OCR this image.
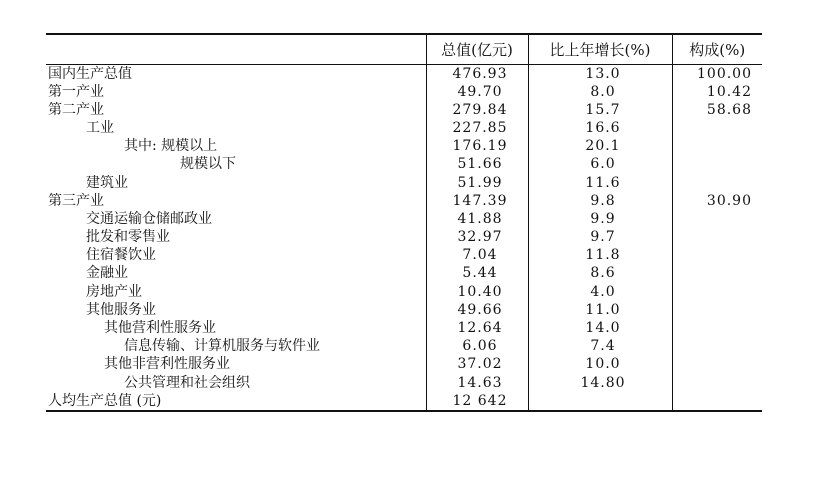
	总值(亿元)	比上年增长(%)	构成(%)
国内生产总值	476.93	13.0	100.00
第一产业	49.70	8.0	10.42
第二产业	279.84	15.7	58.68
工业	227.85	16.6	
其中: 规模以上	176.19	20.1	
规模以下	51.66	6.0	
建筑业	51.99	11.6	
第三产业	147.39	9.8	30.90
交通运输仓储邮政业	41.88	9.9	
批发和零售业	32.97	9.7	
住宿餐饮业	7.04	11.8	
金融业	5.44	8.6	
房地产业	10.40	4.0	
其他服务业	49.66	11.0	
其他营利性服务业	12.64	14.0	
信息传输、计算机服务与软件业	6.06	7.4	
其他非营利性服务业	37.02	10.0	
公共管理和社会组织	14.63	14.80	
人均生产总值 (元)	12 642		
